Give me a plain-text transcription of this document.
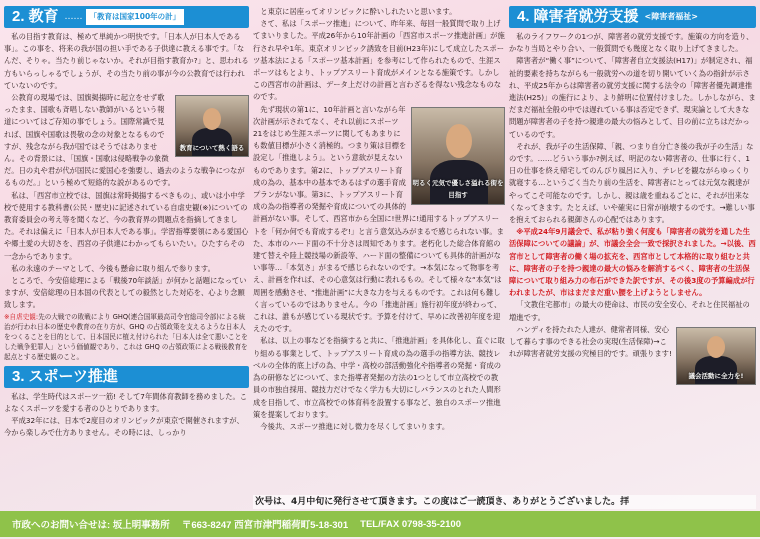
2. 教育 …… 「教育は国家100年の計」

私の目指す教育は、極めて単純かつ明快です。「日本人が日本人である事」。この事を、将来の我が国の担い手である子供達に教える事です。「なんだ、そりゃ。当たり前じゃないか。それが目指す教育か?」と、思われる方もいらっしゃるでしょうが、その当たり前の事が今の公教育では行われていないのです。

教育について熱く語る

公教育の現場では、国旗掲揚時に起立をせず歌ったまま、国歌も斉唱しない教師がいるという報道についてはご存知の事でしょう。国際常識で見れば、国旗や国歌は畏敬の念の対象となるものですが、残念ながら我が国ではそうではありません。その背景には、「国旗・国歌は侵略戦争の象徴だ。日の丸や君が代が国民に愛国心を強要し、過去のような戦争につながるものだ。」という極めて短絡的な説があるのです。

私は、「西宮市立校では、国旗は常時掲揚するべきもの」、或いは小中学校で使用する教科書(公民・歴史)に記述されている自虐史観(※)についての教育委員会の考え等を聞くなど、今の教育界の問題点を指摘してきました。それは偏えに「日本人が日本人である事」。学習指導要領にある愛国心や郷土愛の大切さを、西宮の子供達にわかってもらいたい。ひたすらその一念からであります。

私の永遠のテーマとして、今後も懸命に取り組んで参ります。

ところで、今安倍総理による「戦後70年談話」が何かと話題になっていますが、安倍総理の日本国の代表としての毅然とした対応を、心より念願致します。

※自虐史観:先の大戦での敗戦により GHQ(連合国軍最高司令官総司令部)による統治が行われ日本の歴史や教育の在り方が、GHQ の占領政策を支えるような日本人をつくることを目的として、日本国民に植え付けられた「日本人は全て悪いことをした戦争犯罪人」という価値観であり、これは GHQ の占領政策による戦後教育を起点とする歴史観のこと。

3. スポーツ推進

私は、学生時代はスポーツ一筋! そして7年間体育教師を務めました。こよなくスポーツを愛する者のひとりであります。

平成32年には、日本で2度目のオリンピックが東京で開催されますが、今から楽しみで仕方ありません。その時には、しっかり

と東京に居座ってオリンピックに酔いしれたいと思います。

さて、私は「スポーツ推進」について、昨年来、毎回一般質問で取り上げてまいりました。平成26年から10年計画の「西宮市スポーツ推進計画」が施行され早や1年。東京オリンピック誘致を目前(H23年)にして成立したスポーツ基本法による「スポーツ基本計画」を参考にして作られたもので、生涯スポーツはもとより、トップアスリート育成がメインとなる施策です。しかしこの西宮市の計画は、データ上だけの計画と言わざるを得ない残念なものなのです。

明るく元気で優しさ溢れる街を目指す

先ず現状の第1に、10年計画と言いながら年次計画が示されてなく、それ以前にスポーツ21をはじめ生涯スポーツに関してもあまりにも数値目標が小さく消極的。つまり策は目標を設定し「推進しよう」。という意欲が見えないものであります。第2に、トップアスリート育成の為の、基本中の基本であるはずの選手育成プランがない事。第3に、トップアスリート育成の為の指導者の発掘や育成についての具体的計画がない事。そして、西宮市から全国に!世界に!通用するトップアスリートを「何か何でも育成するぞ!」と言う意気込みがまるで感じられない事。また、本市のハード面の不十分さは周知であります。老朽化した総合体育館の建て替えや陸上競技場の新設等、ハード面の整備についても具体的計画がない事等…「本気さ」がまるで感じられないのです。→本気になって物事を考え、計画を作れば、その心意気は行動に表れるもの。そして様々な“本気”は周囲を感動させ、“推進計画”に大きな力を与えるものです。これは何も難しく言っているのではありません。今の「推進計画」施行初年度が終わって、これは、誰もが感じている現状です。予算を付けて、早めに改善初年度を迎えたのです。

私は、以上の事などを指摘すると共に、「推進計画」を具体化し、直ぐに取り組める事業として、トップアスリート育成の為の選手の指導方法、競技レベルの全体的底上げの為、中学・高校の部活動強化や指導者の発掘・育成の為の研修などについて、また指導者発掘の方法の1つとして市立高校での教員の市独自採用、競技力だけでなく学力も大切にしバランスのとれた人間形成を目指して、市立高校での体育科を設置する事など、独自のスポーツ推進策を提案しております。

今後共、スポーツ推進に対し微力を尽くしてまいります。

4. 障害者就労支援 <障害者福祉>

私のライフワークの1つが、障害者の就労支援です。施策の方向を造り、かなり当局とやり合い、一般質問でも幾度となく取り上げてきました。

障害者が“働く事”について、「障害者自立支援法(H17)」が制定され、福祉的要素を持ちながらも一般就労への道を切り開いていく為の指針が示され、平成25年からは障害者の就労支援に関する法令の「障害者優先調達推進法(H25)」の施行により、より鮮明に位置付けました。しかしながら、まだまだ福祉全般の中では遅れている事は否定できず、現実論として大きな問題が障害者の子を持つ親達の最大の悩みとして、目の前に立ちはだかっているのです。

それが、我が子の生活保障、「親、つまり自分亡き後の我が子の生活」なのです。……どういう事か?例えば、明記のない障害者の、仕事に行く、1日の仕事を終え帰宅してのんびり風呂に入り、テレビを観ながらゆっくり就寝する…というごく当たり前の生活を、障害者にとっては元気な親達がやってこそ可能なのです。しかし、親は歳を重ねるごとに、それが出来なくなってきます。たとえば、いや確実に日常が崩壊するのです。→難しい事を抱えておられる親御さんの心配ではあります。

※平成24年9月議会で、私が粘り強く何度も「障害者の就労を通した生活保障についての議論」が、市議会全会一致で採択されました。→以後、西宮市として障害者の働く場の拡充を、西宮市として本格的に取り組むと共に、障害者の子を持つ親達の最大の悩みを解消するべく、障害者の生活保障について取り組み力の布石ができた訳ですが、その後3度の予算編成が行われましたが、市はまだまだ重い腰を上げようとしません。

「文教住宅都市」の最大の使命は、市民の安全安心、それと住民福祉の増進です。

議会活動に全力を!

ハンディを持たれた人達が、健常者同様、安心して暮らす事のできる社会の実現(生活保障)→これが障害者就労支援の究極目的です。頑張ります!

次号は、4月中旬に発行させて頂きます。この度はご一読頂き、ありがとうございました。拝
市政へのお問い合せは: 坂上明事務所 〒663-8247 西宮市津門稲荷町5-18-301 TEL/FAX 0798-35-2100
